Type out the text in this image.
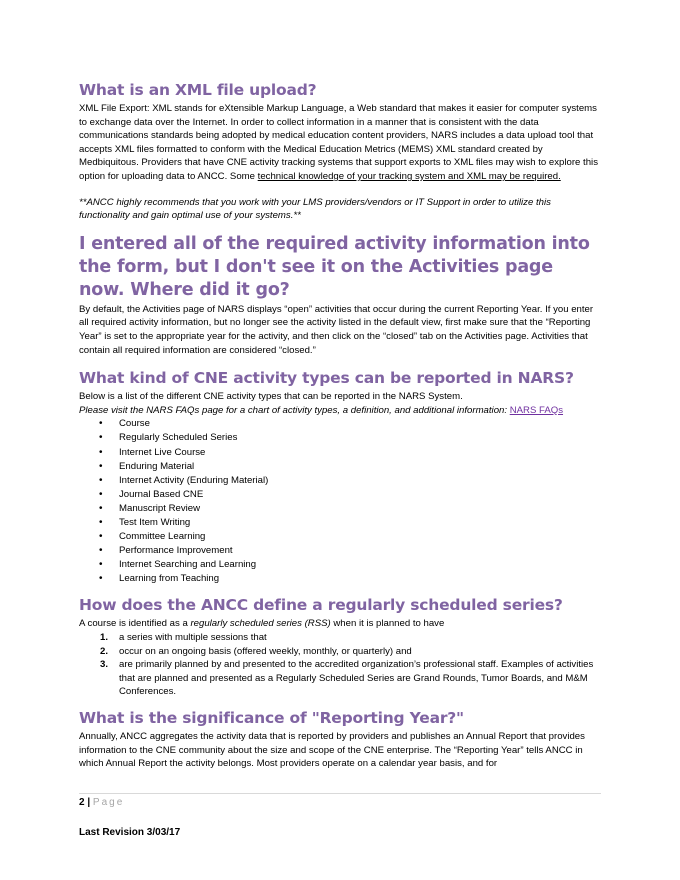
What is an XML file upload?

XML File Export: XML stands for eXtensible Markup Language, a Web standard that makes it easier for computer systems to exchange data over the Internet. In order to collect information in a manner that is consistent with the data communications standards being adopted by medical education content providers, NARS includes a data upload tool that accepts XML files formatted to conform with the Medical Education Metrics (MEMS) XML standard created by Medbiquitous. Providers that have CNE activity tracking systems that support exports to XML files may wish to explore this option for uploading data to ANCC. Some technical knowledge of your tracking system and XML may be required.

**ANCC highly recommends that you work with your LMS providers/vendors or IT Support in order to utilize this functionality and gain optimal use of your systems.**

I entered all of the required activity information into the form, but I don't see it on the Activities page now. Where did it go?

By default, the Activities page of NARS displays “open” activities that occur during the current Reporting Year. If you enter all required activity information, but no longer see the activity listed in the default view, first make sure that the “Reporting Year” is set to the appropriate year for the activity, and then click on the “closed” tab on the Activities page. Activities that contain all required information are considered “closed.”

What kind of CNE activity types can be reported in NARS?

Below is a list of the different CNE activity types that can be reported in the NARS System.

Please visit the NARS FAQs page for a chart of activity types, a definition, and additional information: NARS FAQs

• Course
• Regularly Scheduled Series
• Internet Live Course
• Enduring Material
• Internet Activity (Enduring Material)
• Journal Based CNE
• Manuscript Review
• Test Item Writing
• Committee Learning
• Performance Improvement
• Internet Searching and Learning
• Learning from Teaching
How does the ANCC define a regularly scheduled series?

A course is identified as a regularly scheduled series (RSS) when it is planned to have

1. a series with multiple sessions that
2. occur on an ongoing basis (offered weekly, monthly, or quarterly) and
3. are primarily planned by and presented to the accredited organization’s professional staff. Examples of activities that are planned and presented as a Regularly Scheduled Series are Grand Rounds, Tumor Boards, and M&M Conferences.
What is the significance of "Reporting Year?"

Annually, ANCC aggregates the activity data that is reported by providers and publishes an Annual Report that provides information to the CNE community about the size and scope of the CNE enterprise. The “Reporting Year” tells ANCC in which Annual Report the activity belongs. Most providers operate on a calendar year basis, and for

2 | Page
Last Revision 3/03/17
